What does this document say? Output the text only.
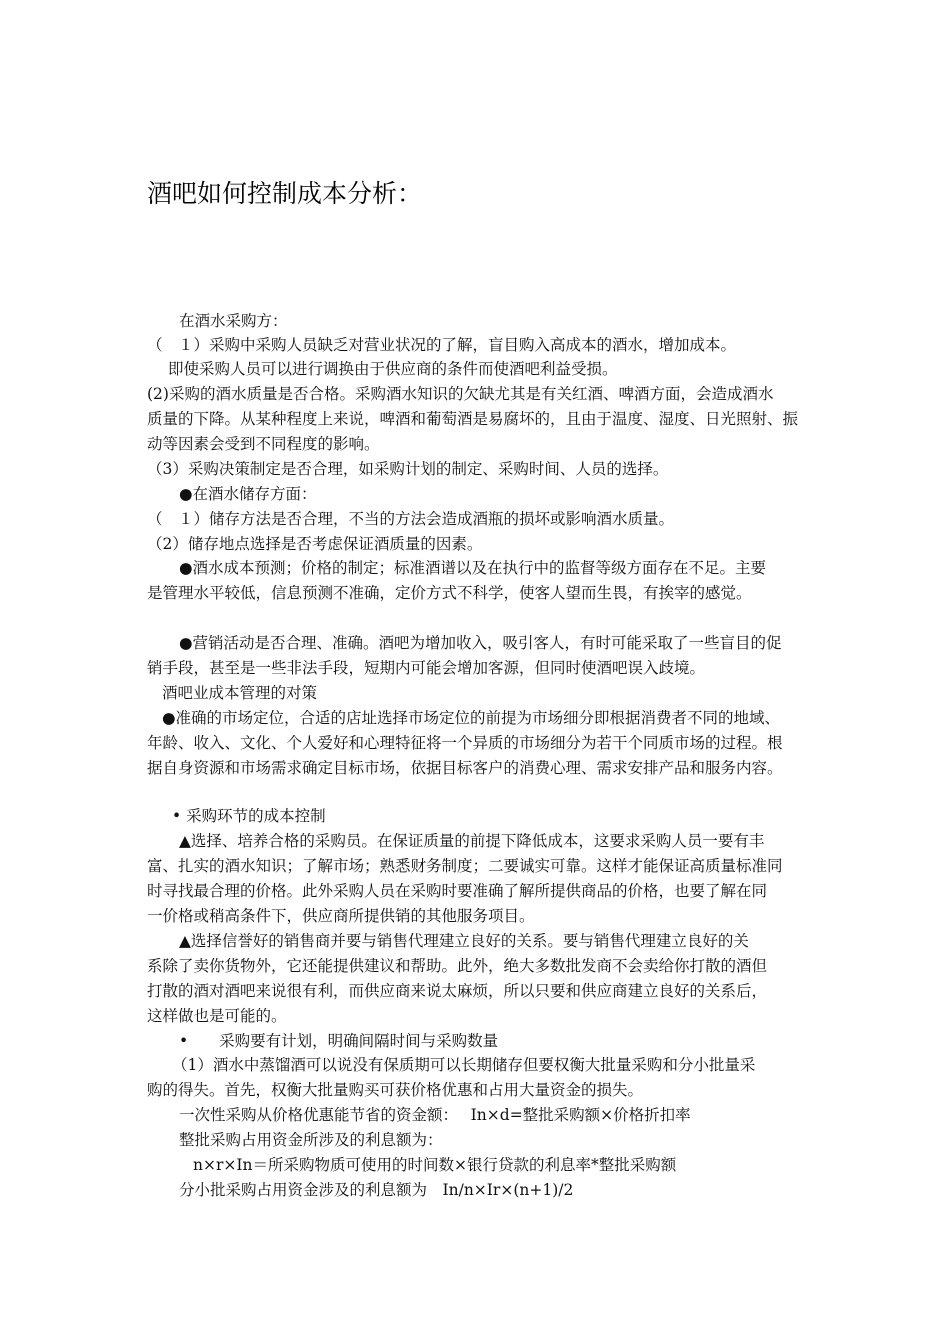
酒吧如何控制成本分析：
在酒水采购方：
（　１）采购中采购人员缺乏对营业状况的了解，盲目购入高成本的酒水，增加成本。
即使采购人员可以进行调换由于供应商的条件而使酒吧利益受损。
(2)采购的酒水质量是否合格。采购酒水知识的欠缺尤其是有关红酒、啤酒方面，会造成酒水
质量的下降。从某种程度上来说，啤酒和葡萄酒是易腐坏的，且由于温度、湿度、日光照射、振
动等因素会受到不同程度的影响。
（3）采购决策制定是否合理，如采购计划的制定、采购时间、人员的选择。
●在酒水储存方面：
（　１）储存方法是否合理，不当的方法会造成酒瓶的损坏或影响酒水质量。
（2）储存地点选择是否考虑保证酒质量的因素。
●酒水成本预测；价格的制定；标准酒谱以及在执行中的监督等级方面存在不足。主要
是管理水平较低，信息预测不准确，定价方式不科学，使客人望而生畏，有挨宰的感觉。
●营销活动是否合理、准确。酒吧为增加收入，吸引客人，有时可能采取了一些盲目的促
销手段，甚至是一些非法手段，短期内可能会增加客源，但同时使酒吧误入歧境。
酒吧业成本管理的对策
●准确的市场定位，合适的店址选择市场定位的前提为市场细分即根据消费者不同的地域、
年龄、收入、文化、个人爱好和心理特征将一个异质的市场细分为若干个同质市场的过程。根
据自身资源和市场需求确定目标市场，依据目标客户的消费心理、需求安排产品和服务内容。
• 采购环节的成本控制
▲选择、培养合格的采购员。在保证质量的前提下降低成本，这要求采购人员一要有丰
富、扎实的酒水知识；了解市场；熟悉财务制度；二要诚实可靠。这样才能保证高质量标准同
时寻找最合理的价格。此外采购人员在采购时要准确了解所提供商品的价格，也要了解在同
一价格或稍高条件下，供应商所提供销的其他服务项目。
▲选择信誉好的销售商并要与销售代理建立良好的关系。要与销售代理建立良好的关
系除了卖你货物外，它还能提供建议和帮助。此外，绝大多数批发商不会卖给你打散的酒但
打散的酒对酒吧来说很有利，而供应商来说太麻烦，所以只要和供应商建立良好的关系后，
这样做也是可能的。
•　　采购要有计划，明确间隔时间与采购数量
（1）酒水中蒸馏酒可以说没有保质期可以长期储存但要权衡大批量采购和分小批量采
购的得失。首先，权衡大批量购买可获价格优惠和占用大量资金的损失。
一次性采购从价格优惠能节省的资金额：　 In×d=整批采购额×价格折扣率
整批采购占用资金所涉及的利息额为：
n×r×In＝所采购物质可使用的时间数×银行贷款的利息率*整批采购额
分小批采购占用资金涉及的利息额为　In/n×Ir×(n+1)/2
